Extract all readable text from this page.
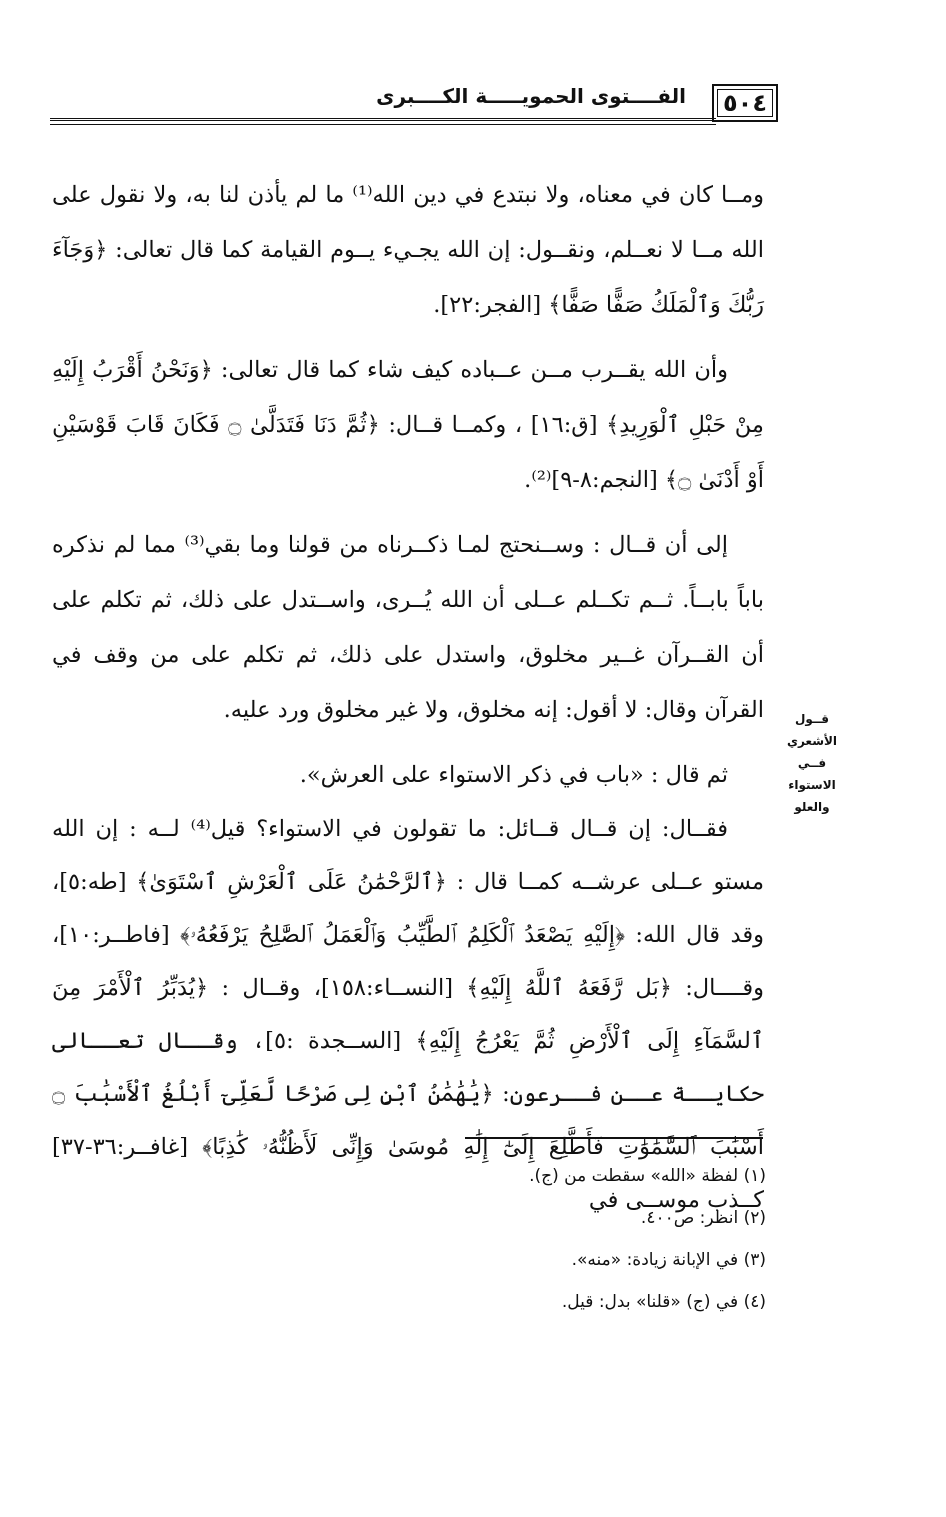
٥٠٤
الفــــتوى الحمويـــــة الكــــبرى

ومــا كان في معناه، ولا نبتدع في دين الله⁽¹⁾ ما لم يأذن لنا به، ولا نقول على الله مــا لا نعــلم، ونقــول: إن الله يجـيء يــوم القيامة كما قال تعالى: ﴿وَجَآءَ رَبُّكَ وَٱلْمَلَكُ صَفًّا صَفًّا﴾ [الفجر:٢٢].

وأن الله يقــرب مــن عــباده كيف شاء كما قال تعالى: ﴿وَنَحْنُ أَقْرَبُ إِلَيْهِ مِنْ حَبْلِ ٱلْوَرِيدِ﴾ [ق:١٦] ، وكمــا قــال: ﴿ثُمَّ دَنَا فَتَدَلَّىٰ ۝ فَكَانَ قَابَ قَوْسَيْنِ أَوْ أَدْنَىٰ ۝﴾ [النجم:٨-٩]⁽²⁾.

إلى أن قــال : وســنحتج لمـا ذكــرناه من قولنا وما بقي⁽³⁾ مما لم نذكره باباً بابــاً. ثــم تكــلم عــلى أن الله يُــرى، واســتدل على ذلك، ثم تكلم على أن القــرآن غــير مخلوق، واستدل على ذلك، ثم تكلم على من وقف في القرآن وقال: لا أقول: إنه مخلوق، ولا غير مخلوق ورد عليه.

ثم قال : «باب في ذكر الاستواء على العرش».

فقــال: إن قــال قــائل: ما تقولون في الاستواء؟ قيل⁽⁴⁾ لــه : إن الله مستو عــلى عرشــه كمــا قال : ﴿ٱلرَّحْمَٰنُ عَلَى ٱلْعَرْشِ ٱسْتَوَىٰ﴾ [طه:٥]، وقد قال الله: ﴿إِلَيْهِ يَصْعَدُ ٱلْكَلِمُ ٱلطَّيِّبُ وَٱلْعَمَلُ ٱلصَّٰلِحُ يَرْفَعُهُۥ﴾ [فاطــر:١٠]، وقــــال: ﴿بَل رَّفَعَهُ ٱللَّهُ إِلَيْهِ﴾ [النســاء:١٥٨]، وقــال : ﴿يُدَبِّرُ ٱلْأَمْرَ مِنَ ٱلسَّمَآءِ إِلَى ٱلْأَرْضِ ثُمَّ يَعْرُجُ إِلَيْهِ﴾ [الســجدة :٥]، وقــال تعــالى حكايــة عــن فــرعون: ﴿يَٰهَٰمَٰنُ ٱبْنِ لِى صَرْحًا لَّعَلِّىٓ أَبْلُغُ ٱلْأَسْبَٰبَ ۝ أَسْبَٰبَ ٱلسَّمَٰوَٰتِ فَأَطَّلِعَ إِلَىٰٓ إِلَٰهِ مُوسَىٰ وَإِنِّى لَأَظُنُّهُۥ كَٰذِبًا﴾ [غافــر:٣٦-٣٧] كــذب موســى في

قــول
الأشعري
فــي
الاستواء
والعلو

(١) لفظة «الله» سقطت من (ج).

(٢) انظر: ص٤٠٠.

(٣) في الإبانة زيادة: «منه».

(٤) في (ج) «قلنا» بدل: قيل.
